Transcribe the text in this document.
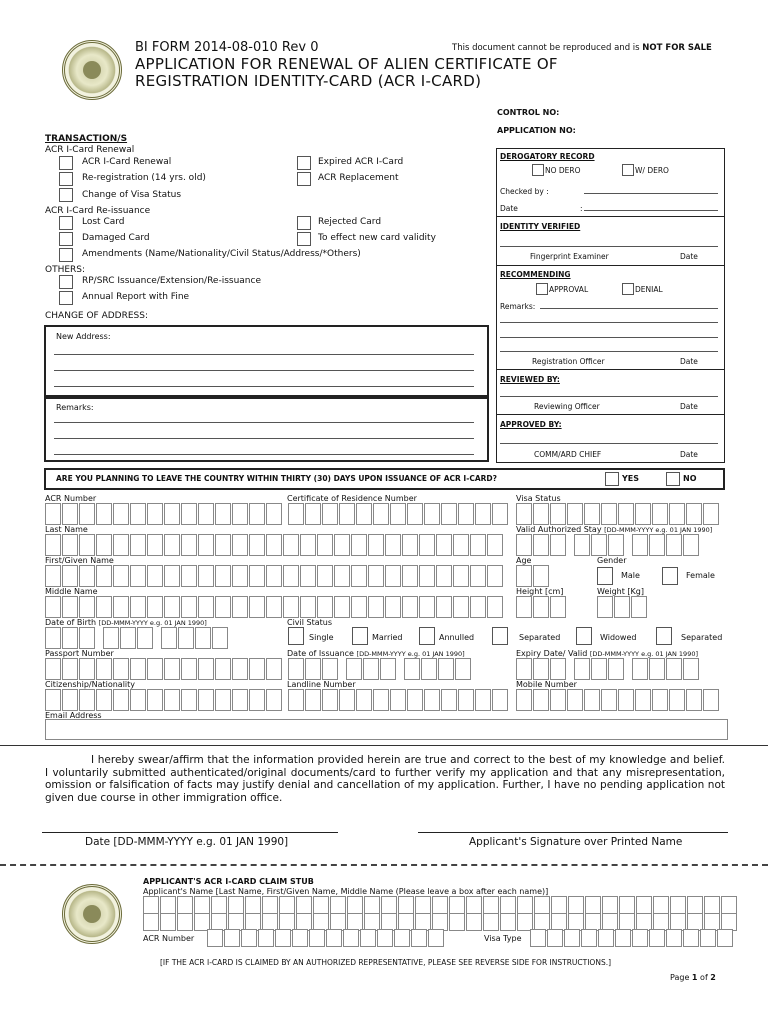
BI FORM 2014-08-010 Rev 0	This document cannot be reproduced and is NOT FOR SALE
APPLICATION FOR RENEWAL OF ALIEN CERTIFICATE OF
REGISTRATION IDENTITY-CARD (ACR I-CARD)
CONTROL NO:
APPLICATION NO:
TRANSACTION/S
ACR I-Card Renewal
ACR I-Card Renewal
Re-registration (14 yrs. old)
Change of Visa Status
Expired ACR I-Card
ACR Replacement
ACR I-Card Re-issuance
Lost Card
Damaged Card
Amendments (Name/Nationality/Civil Status/Address/*Others)
Rejected Card
To effect new card validity
OTHERS:
RP/SRC Issuance/Extension/Re-issuance
Annual Report with Fine
CHANGE OF ADDRESS:
New Address:
Remarks:
DEROGATORY RECORD
NO DERO	W/ DERO
Checked by :
Date	:
IDENTITY VERIFIED
Fingerprint Examiner	Date
RECOMMENDING
APPROVAL	DENIAL
Remarks:
Registration Officer	Date
REVIEWED BY:
Reviewing Officer	Date
APPROVED BY:
COMM/ARD CHIEF	Date
ARE YOU PLANNING TO LEAVE THE COUNTRY WITHIN THIRTY (30) DAYS UPON ISSUANCE OF ACR I-CARD?	YES	NO
ACR Number	Certificate of Residence Number	Visa Status
Last Name	Valid Authorized Stay [DD-MMM-YYYY e.g. 01 JAN 1990]
First/Given Name	Age	Gender
Male	Female
Middle Name	Height [cm]	Weight [Kg]
Date of Birth [DD-MMM-YYYY e.g. 01 JAN 1990]	Civil Status
Single	Married	Annulled	Separated	Widowed	Separated
Passport Number	Date of Issuance [DD-MMM-YYYY e.g. 01 JAN 1990]	Expiry Date/ Valid [DD-MMM-YYYY e.g. 01 JAN 1990]
Citizenship/Nationality	Landline Number	Mobile Number
Email Address
I hereby swear/affirm that the information provided herein are true and correct to the best of my knowledge and belief. I voluntarily submitted authenticated/original documents/card to further verify my application and that any misrepresentation, omission or falsification of facts may justify denial and cancellation of my application. Further, I have no pending application not given due course in other immigration office.
Date [DD-MMM-YYYY e.g. 01 JAN 1990]	Applicant's Signature over Printed Name
APPLICANT'S ACR I-CARD CLAIM STUB
Applicant's Name [Last Name, First/Given Name, Middle Name (Please leave a box after each name)]
ACR Number	Visa Type
[IF THE ACR I-CARD IS CLAIMED BY AN AUTHORIZED REPRESENTATIVE, PLEASE SEE REVERSE SIDE FOR INSTRUCTIONS.]
Page 1 of 2
